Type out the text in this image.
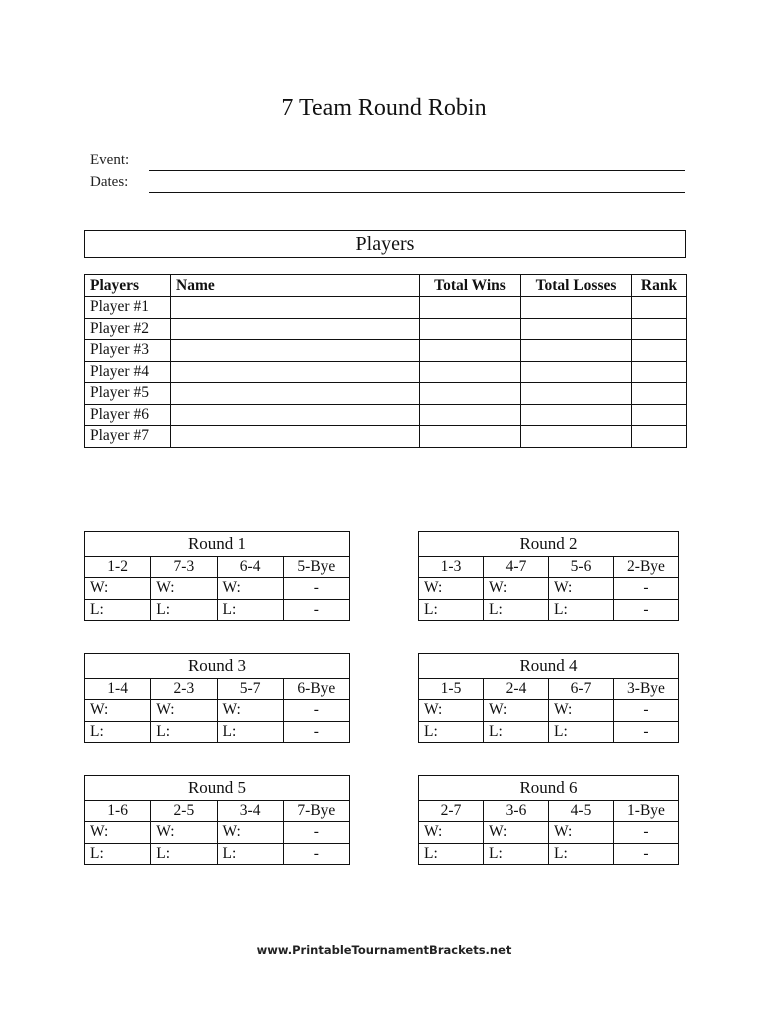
7 Team Round Robin
Event:
Dates:
Players
Players	Name	Total Wins	Total Losses	Rank
Player #1				
Player #2				
Player #3				
Player #4				
Player #5				
Player #6				
Player #7				
Round 1			
1-2	7-3	6-4	5-Bye
W:	W:	W:	-
L:	L:	L:	-
Round 2			
1-3	4-7	5-6	2-Bye
W:	W:	W:	-
L:	L:	L:	-
Round 3			
1-4	2-3	5-7	6-Bye
W:	W:	W:	-
L:	L:	L:	-
Round 4			
1-5	2-4	6-7	3-Bye
W:	W:	W:	-
L:	L:	L:	-
Round 5			
1-6	2-5	3-4	7-Bye
W:	W:	W:	-
L:	L:	L:	-
Round 6			
2-7	3-6	4-5	1-Bye
W:	W:	W:	-
L:	L:	L:	-
www.PrintableTournamentBrackets.net
